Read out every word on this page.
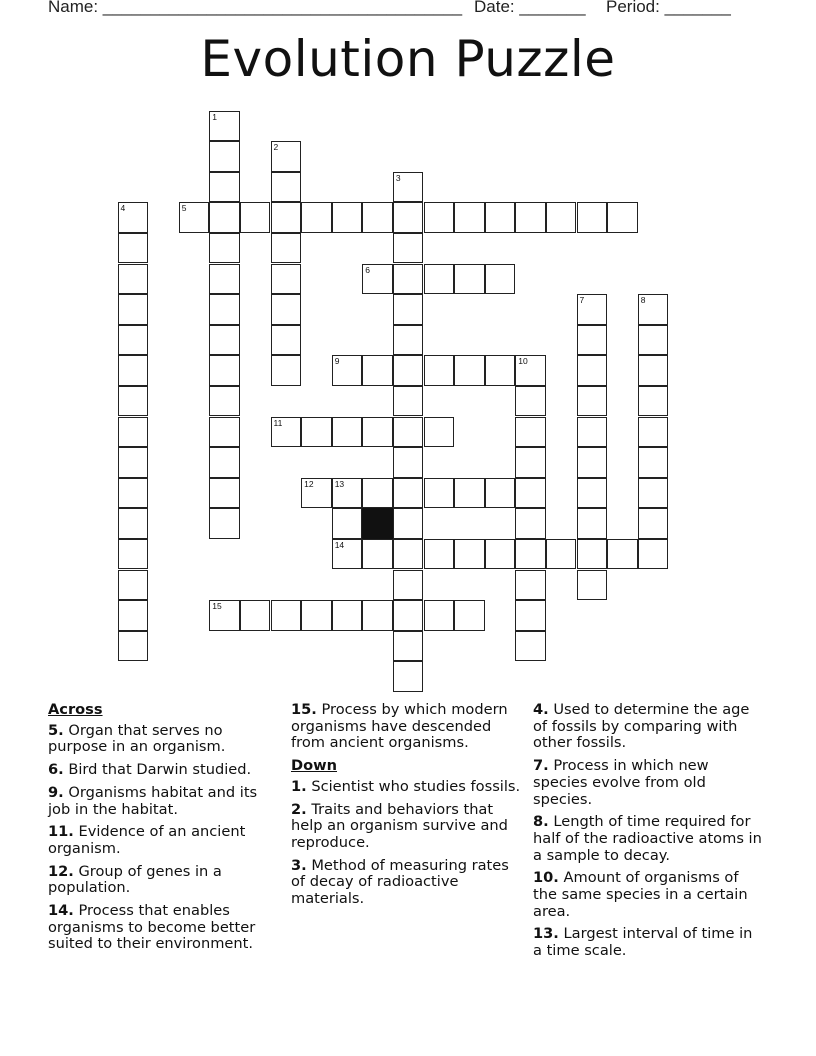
Name: ______________________________________ Date: _______ Period: _______
Evolution Puzzle
1
2
3
4	5
6
7	8
9	10
11
12 13
14
15
Across
5. Organ that serves no purpose in an organism.
6. Bird that Darwin studied.
9. Organisms habitat and its job in the habitat.
11. Evidence of an ancient organism.
12. Group of genes in a population.
14. Process that enables organisms to become better suited to their environment.
15. Process by which modern organisms have descended from ancient organisms.
Down
1. Scientist who studies fossils.
2. Traits and behaviors that help an organism survive and reproduce.
3. Method of measuring rates of decay of radioactive materials.
4. Used to determine the age of fossils by comparing with other fossils.
7. Process in which new species evolve from old species.
8. Length of time required for half of the radioactive atoms in a sample to decay.
10. Amount of organisms of the same species in a certain area.
13. Largest interval of time in a time scale.
